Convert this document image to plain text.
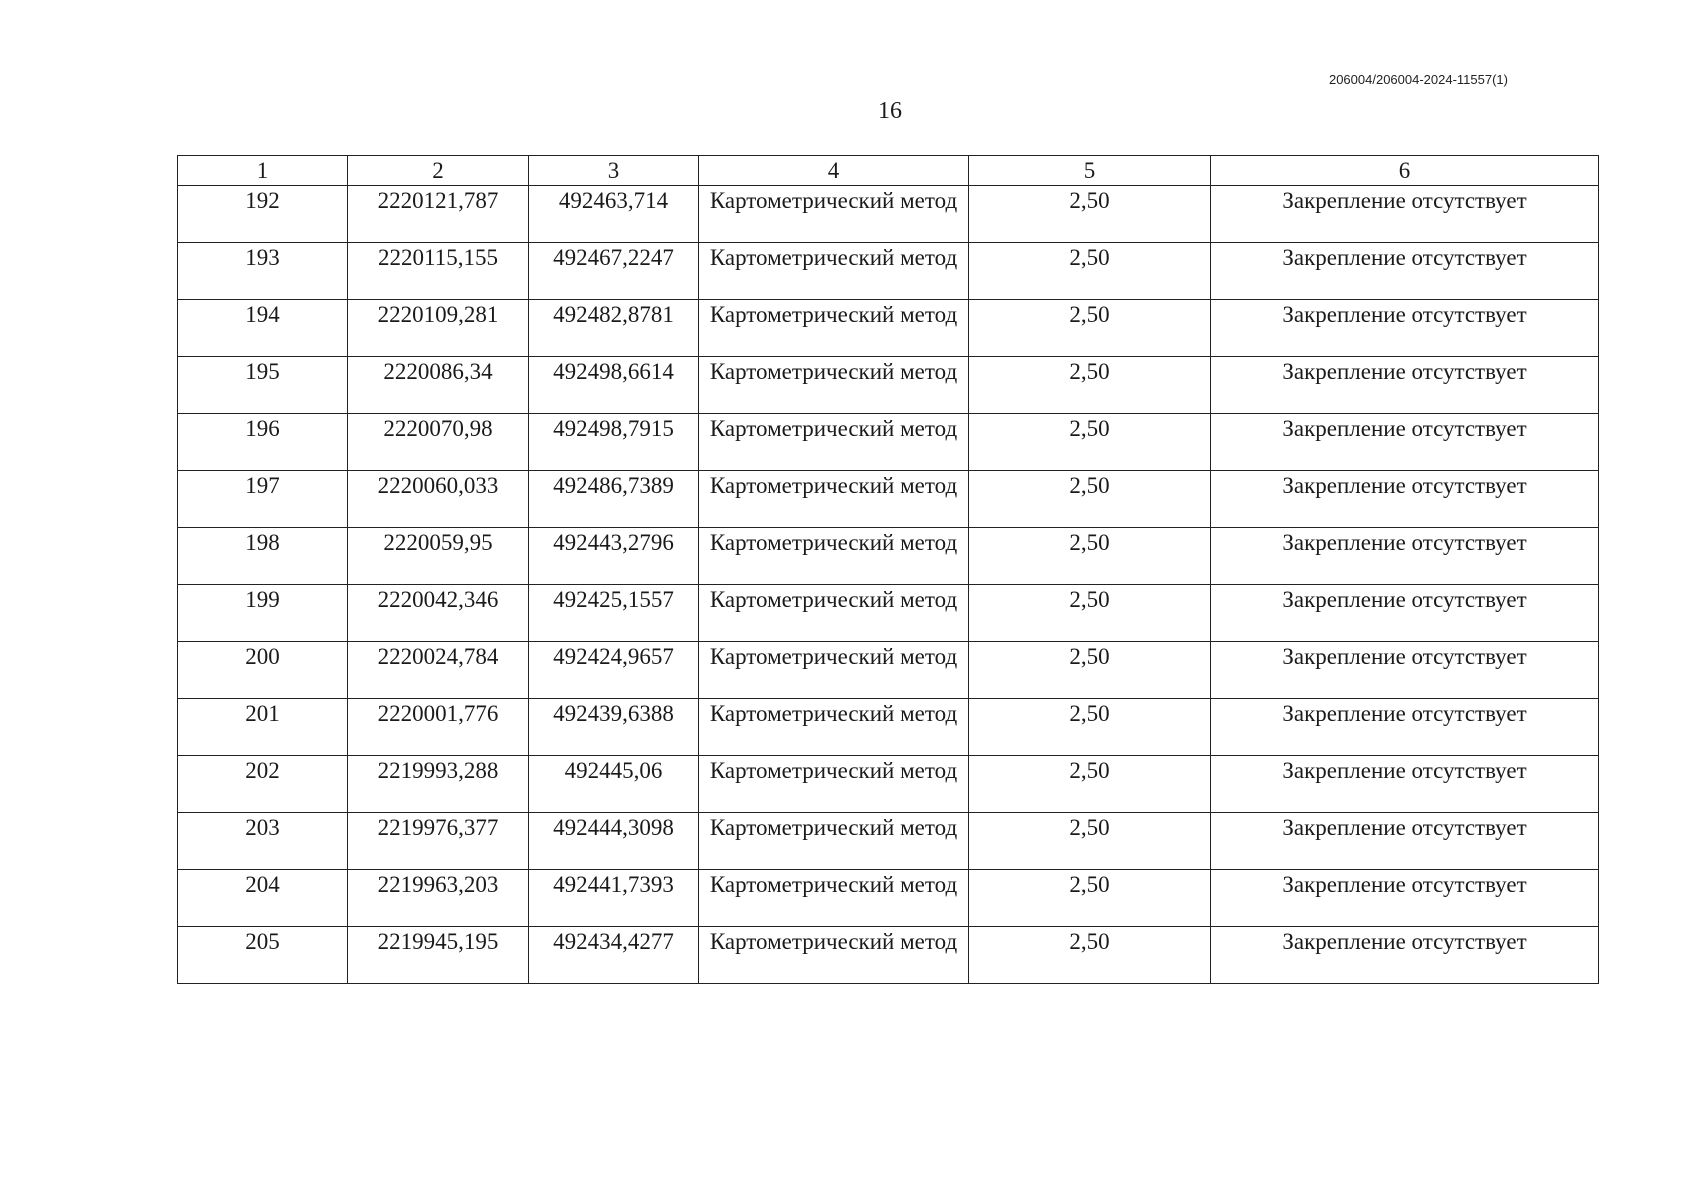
206004/206004-2024-11557(1)
16
1	2	3	4	5	6
192	2220121,787	492463,714	Картометрический метод	2,50	Закрепление отсутствует
193	2220115,155	492467,2247	Картометрический метод	2,50	Закрепление отсутствует
194	2220109,281	492482,8781	Картометрический метод	2,50	Закрепление отсутствует
195	2220086,34	492498,6614	Картометрический метод	2,50	Закрепление отсутствует
196	2220070,98	492498,7915	Картометрический метод	2,50	Закрепление отсутствует
197	2220060,033	492486,7389	Картометрический метод	2,50	Закрепление отсутствует
198	2220059,95	492443,2796	Картометрический метод	2,50	Закрепление отсутствует
199	2220042,346	492425,1557	Картометрический метод	2,50	Закрепление отсутствует
200	2220024,784	492424,9657	Картометрический метод	2,50	Закрепление отсутствует
201	2220001,776	492439,6388	Картометрический метод	2,50	Закрепление отсутствует
202	2219993,288	492445,06	Картометрический метод	2,50	Закрепление отсутствует
203	2219976,377	492444,3098	Картометрический метод	2,50	Закрепление отсутствует
204	2219963,203	492441,7393	Картометрический метод	2,50	Закрепление отсутствует
205	2219945,195	492434,4277	Картометрический метод	2,50	Закрепление отсутствует
